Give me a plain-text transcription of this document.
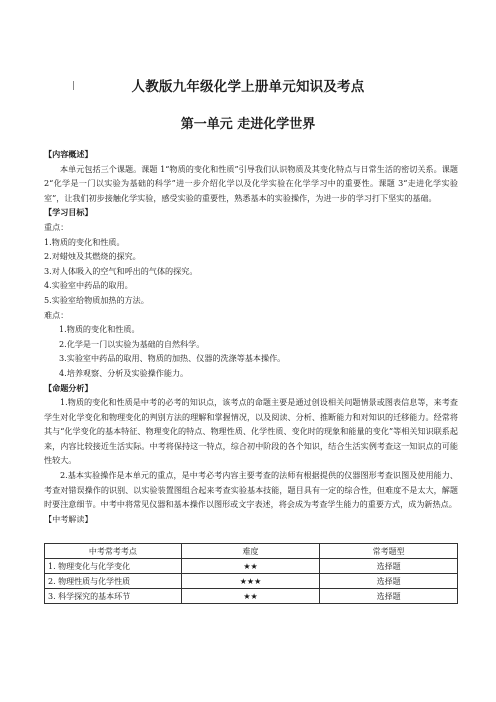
人教版九年级化学上册单元知识及考点
第一单元 走进化学世界

【内容概述】

本单元包括三个课题。课题 1“物质的变化和性质”引导我们认识物质及其变化特点与日常生活的密切关系。课题 2“化学是一门以实验为基础的科学”进一步介绍化学以及化学实验在化学学习中的重要性。课题 3“走进化学实验室”，让我们初步接触化学实验，感受实验的重要性，熟悉基本的实验操作，为进一步的学习打下坚实的基础。

【学习目标】

重点：

1.物质的变化和性质。

2.对蜡烛及其燃烧的探究。

3.对人体吸入的空气和呼出的气体的探究。

4.实验室中药品的取用。

5.实验室给物质加热的方法。

难点：

1.物质的变化和性质。

2.化学是一门以实验为基础的自然科学。

3.实验室中药品的取用、物质的加热、仪器的洗涤等基本操作。

4.培养观察、分析及实验操作能力。

【命题分析】

1.物质的变化和性质是中考的必考的知识点，该考点的命题主要是通过创设相关问题情景或图表信息等，来考查学生对化学变化和物理变化的判别方法的理解和掌握情况，以及阅读、分析、推断能力和对知识的迁移能力。经常将其与“化学变化的基本特征、物理变化的特点、物理性质、化学性质、变化时的现象和能量的变化”等相关知识联系起来，内容比较接近生活实际。中考将保持这一特点，综合初中阶段的各个知识，结合生活实例考查这一知识点的可能性较大。

2.基本实验操作是本单元的重点，是中考必考内容主要考查的法师有根据提供的仪器图形考查识图及使用能力、考查对错误操作的识别、以实验装置图组合起来考查实验基本技能，题目具有一定的综合性，但难度不是太大，解题时要注意细节。中考中将常见仪器和基本操作以图形或文字表述，将会成为考查学生能力的重要方式，成为新热点。

【中考解读】

中考常考考点	难度	常考题型
1. 物理变化与化学变化	★★	选择题
2. 物理性质与化学性质	★★★	选择题
3. 科学探究的基本环节	★★	选择题
